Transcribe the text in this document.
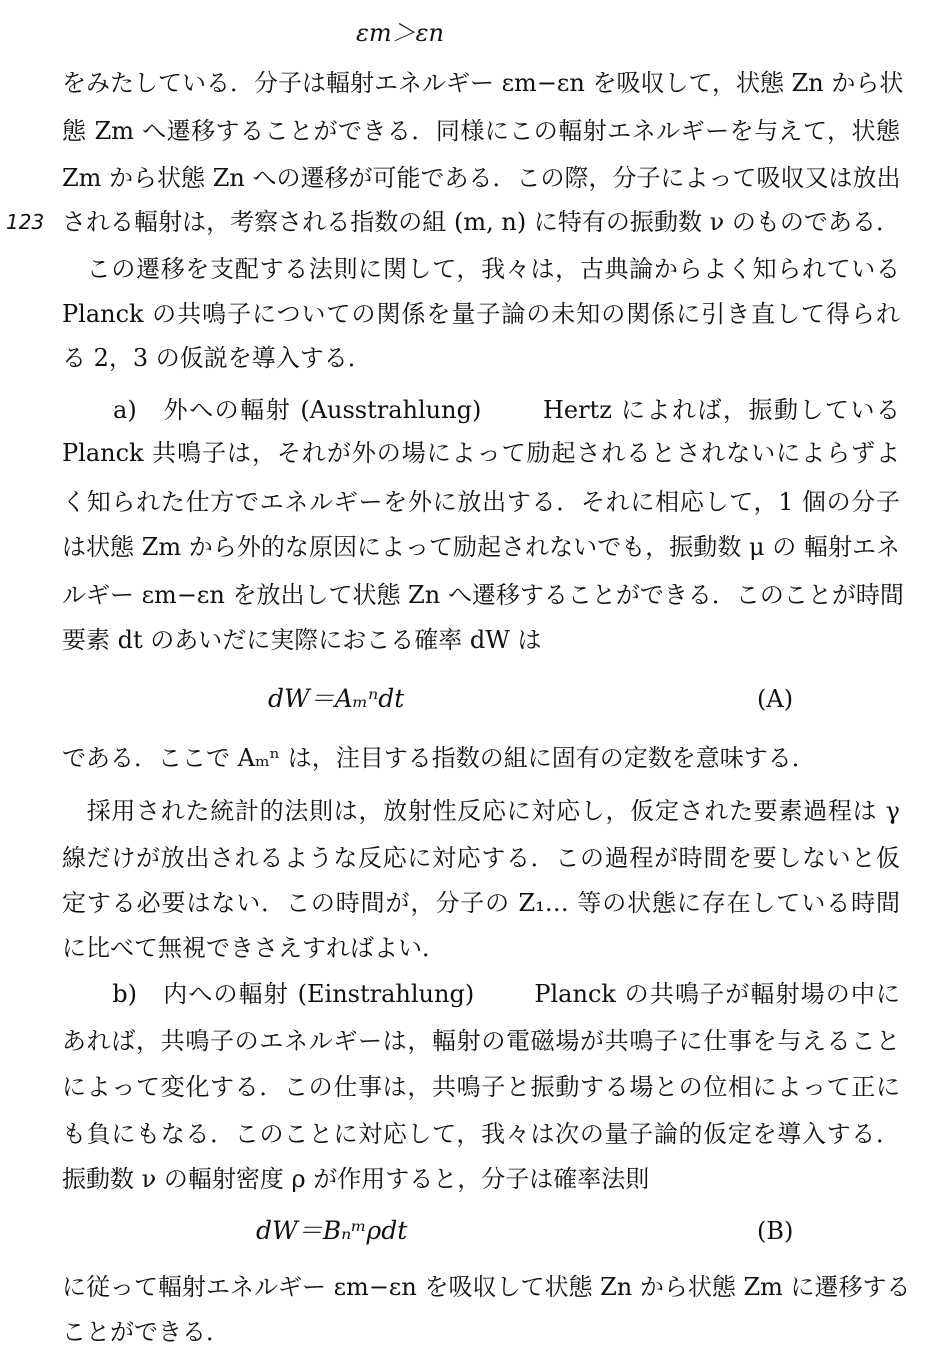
εm＞εn
123
をみたしている．分子は輻射エネルギー εm−εn を吸収して，状態 Zn から状
態 Zm へ遷移することができる．同様にこの輻射エネルギーを与えて，状態
Zm から状態 Zn への遷移が可能である．この際，分子によって吸収又は放出
される輻射は，考察される指数の組 (m, n) に特有の振動数 ν のものである．
　この遷移を支配する法則に関して，我々は，古典論からよく知られている
Planck の共鳴子についての関係を量子論の未知の関係に引き直して得られ
る 2，3 の仮説を導入する．
　　a)　外への輻射 (Ausstrahlung)　　 Hertz によれば，振動している
Planck 共鳴子は，それが外の場によって励起されるとされないによらずよ
く知られた仕方でエネルギーを外に放出する．それに相応して，1 個の分子
は状態 Zm から外的な原因によって励起されないでも，振動数 μ の 輻射エネ
ルギー εm−εn を放出して状態 Zn へ遷移することができる．このことが時間
要素 dt のあいだに実際におこる確率 dW は
dW＝Aₘⁿdt	(A)
である．ここで Aₘⁿ は，注目する指数の組に固有の定数を意味する．
　採用された統計的法則は，放射性反応に対応し，仮定された要素過程は γ
線だけが放出されるような反応に対応する．この過程が時間を要しないと仮
定する必要はない．この時間が，分子の Z₁… 等の状態に存在している時間
に比べて無視できさえすればよい．
　　b)　内への輻射 (Einstrahlung)　　 Planck の共鳴子が輻射場の中に
あれば，共鳴子のエネルギーは，輻射の電磁場が共鳴子に仕事を与えること
によって変化する．この仕事は，共鳴子と振動する場との位相によって正に
も負にもなる．このことに対応して，我々は次の量子論的仮定を導入する．
振動数 ν の輻射密度 ρ が作用すると，分子は確率法則
dW＝Bₙᵐρdt	(B)
に従って輻射エネルギー εm−εn を吸収して状態 Zn から状態 Zm に遷移する
ことができる．
